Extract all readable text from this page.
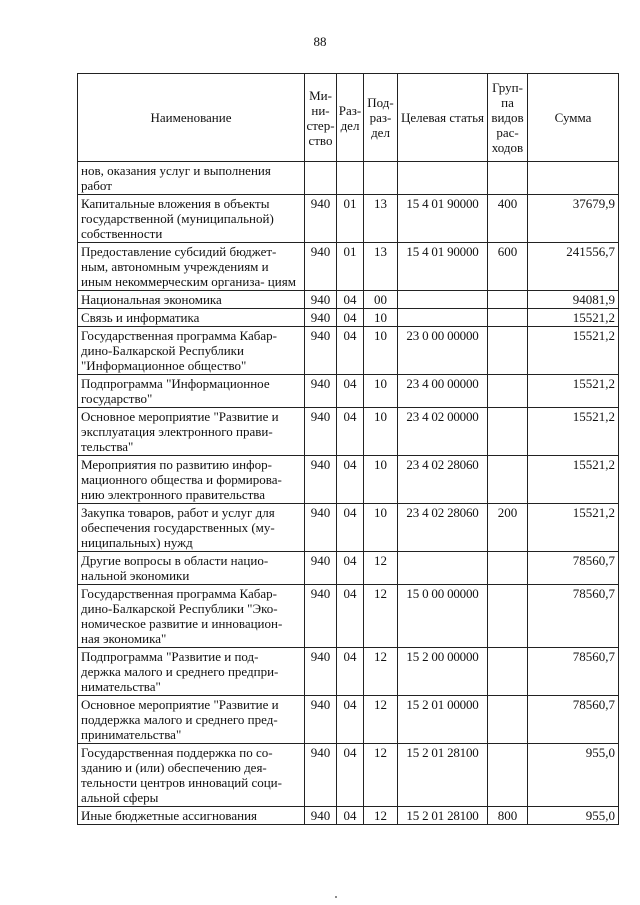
88
Наименование	Ми- ни- стер- ство	Раз- дел	Под- раз- дел	Целевая статья	Груп- па видов рас- ходов	Сумма
нов, оказания услуг и выполнения работ						
Капитальные вложения в объекты государственной (муниципальной) собственности	940	01	13	15 4 01 90000	400	37679,9
Предоставление субсидий бюджет- ным, автономным учреждениям и иным некоммерческим организа- циям	940	01	13	15 4 01 90000	600	241556,7
Национальная экономика	940	04	00			94081,9
Связь и информатика	940	04	10			15521,2
Государственная программа Кабар- дино-Балкарской Республики "Информационное общество"	940	04	10	23 0 00 00000		15521,2
Подпрограмма "Информационное государство"	940	04	10	23 4 00 00000		15521,2
Основное мероприятие "Развитие и эксплуатация электронного прави- тельства"	940	04	10	23 4 02 00000		15521,2
Мероприятия по развитию инфор- мационного общества и формирова- нию электронного правительства	940	04	10	23 4 02 28060		15521,2
Закупка товаров, работ и услуг для обеспечения государственных (му- ниципальных) нужд	940	04	10	23 4 02 28060	200	15521,2
Другие вопросы в области нацио- нальной экономики	940	04	12			78560,7
Государственная программа Кабар- дино-Балкарской Республики "Эко- номическое развитие и инновацион- ная экономика"	940	04	12	15 0 00 00000		78560,7
Подпрограмма "Развитие и под- держка малого и среднего предпри- нимательства"	940	04	12	15 2 00 00000		78560,7
Основное мероприятие "Развитие и поддержка малого и среднего пред- принимательства"	940	04	12	15 2 01 00000		78560,7
Государственная поддержка по со- зданию и (или) обеспечению дея- тельности центров инноваций соци- альной сферы	940	04	12	15 2 01 28100		955,0
Иные бюджетные ассигнования	940	04	12	15 2 01 28100	800	955,0
